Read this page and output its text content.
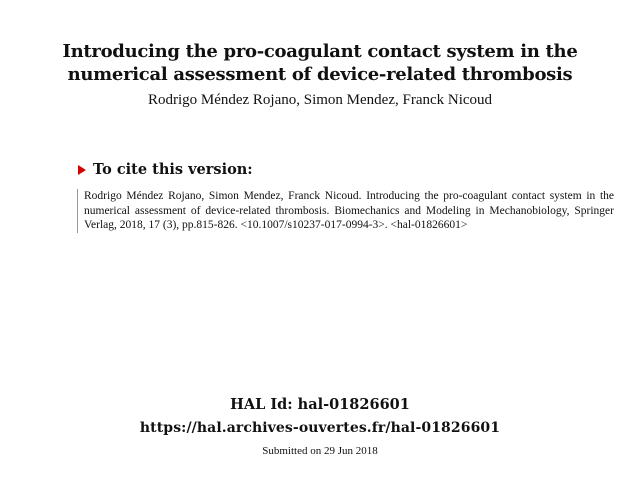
Introducing the pro-coagulant contact system in the
numerical assessment of device-related thrombosis
Rodrigo Méndez Rojano, Simon Mendez, Franck Nicoud
To cite this version:
Rodrigo Méndez Rojano, Simon Mendez, Franck Nicoud. Introducing the pro-coagulant contact system in the numerical assessment of device-related thrombosis. Biomechanics and Modeling in Mechanobiology, Springer Verlag, 2018, 17 (3), pp.815-826. <10.1007/s10237-017-0994-3>. <hal-01826601>
HAL Id: hal-01826601
https://hal.archives-ouvertes.fr/hal-01826601
Submitted on 29 Jun 2018
